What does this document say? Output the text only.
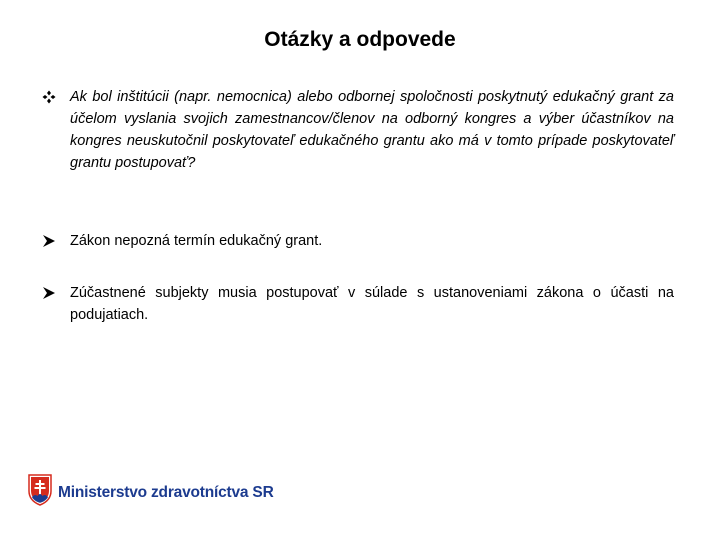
Otázky a odpovede
Ak bol inštitúcii (napr. nemocnica) alebo odbornej spoločnosti poskytnutý edukačný grant za účelom vyslania svojich zamestnancov/členov na odborný kongres a výber účastníkov na kongres neuskutočnil poskytovateľ edukačného grantu ako má v tomto prípade poskytovateľ grantu postupovať?
Zákon nepozná termín edukačný grant.
Zúčastnené subjekty musia postupovať v súlade s ustanoveniami zákona o účasti na podujatiach.
Ministerstvo zdravotníctva SR
